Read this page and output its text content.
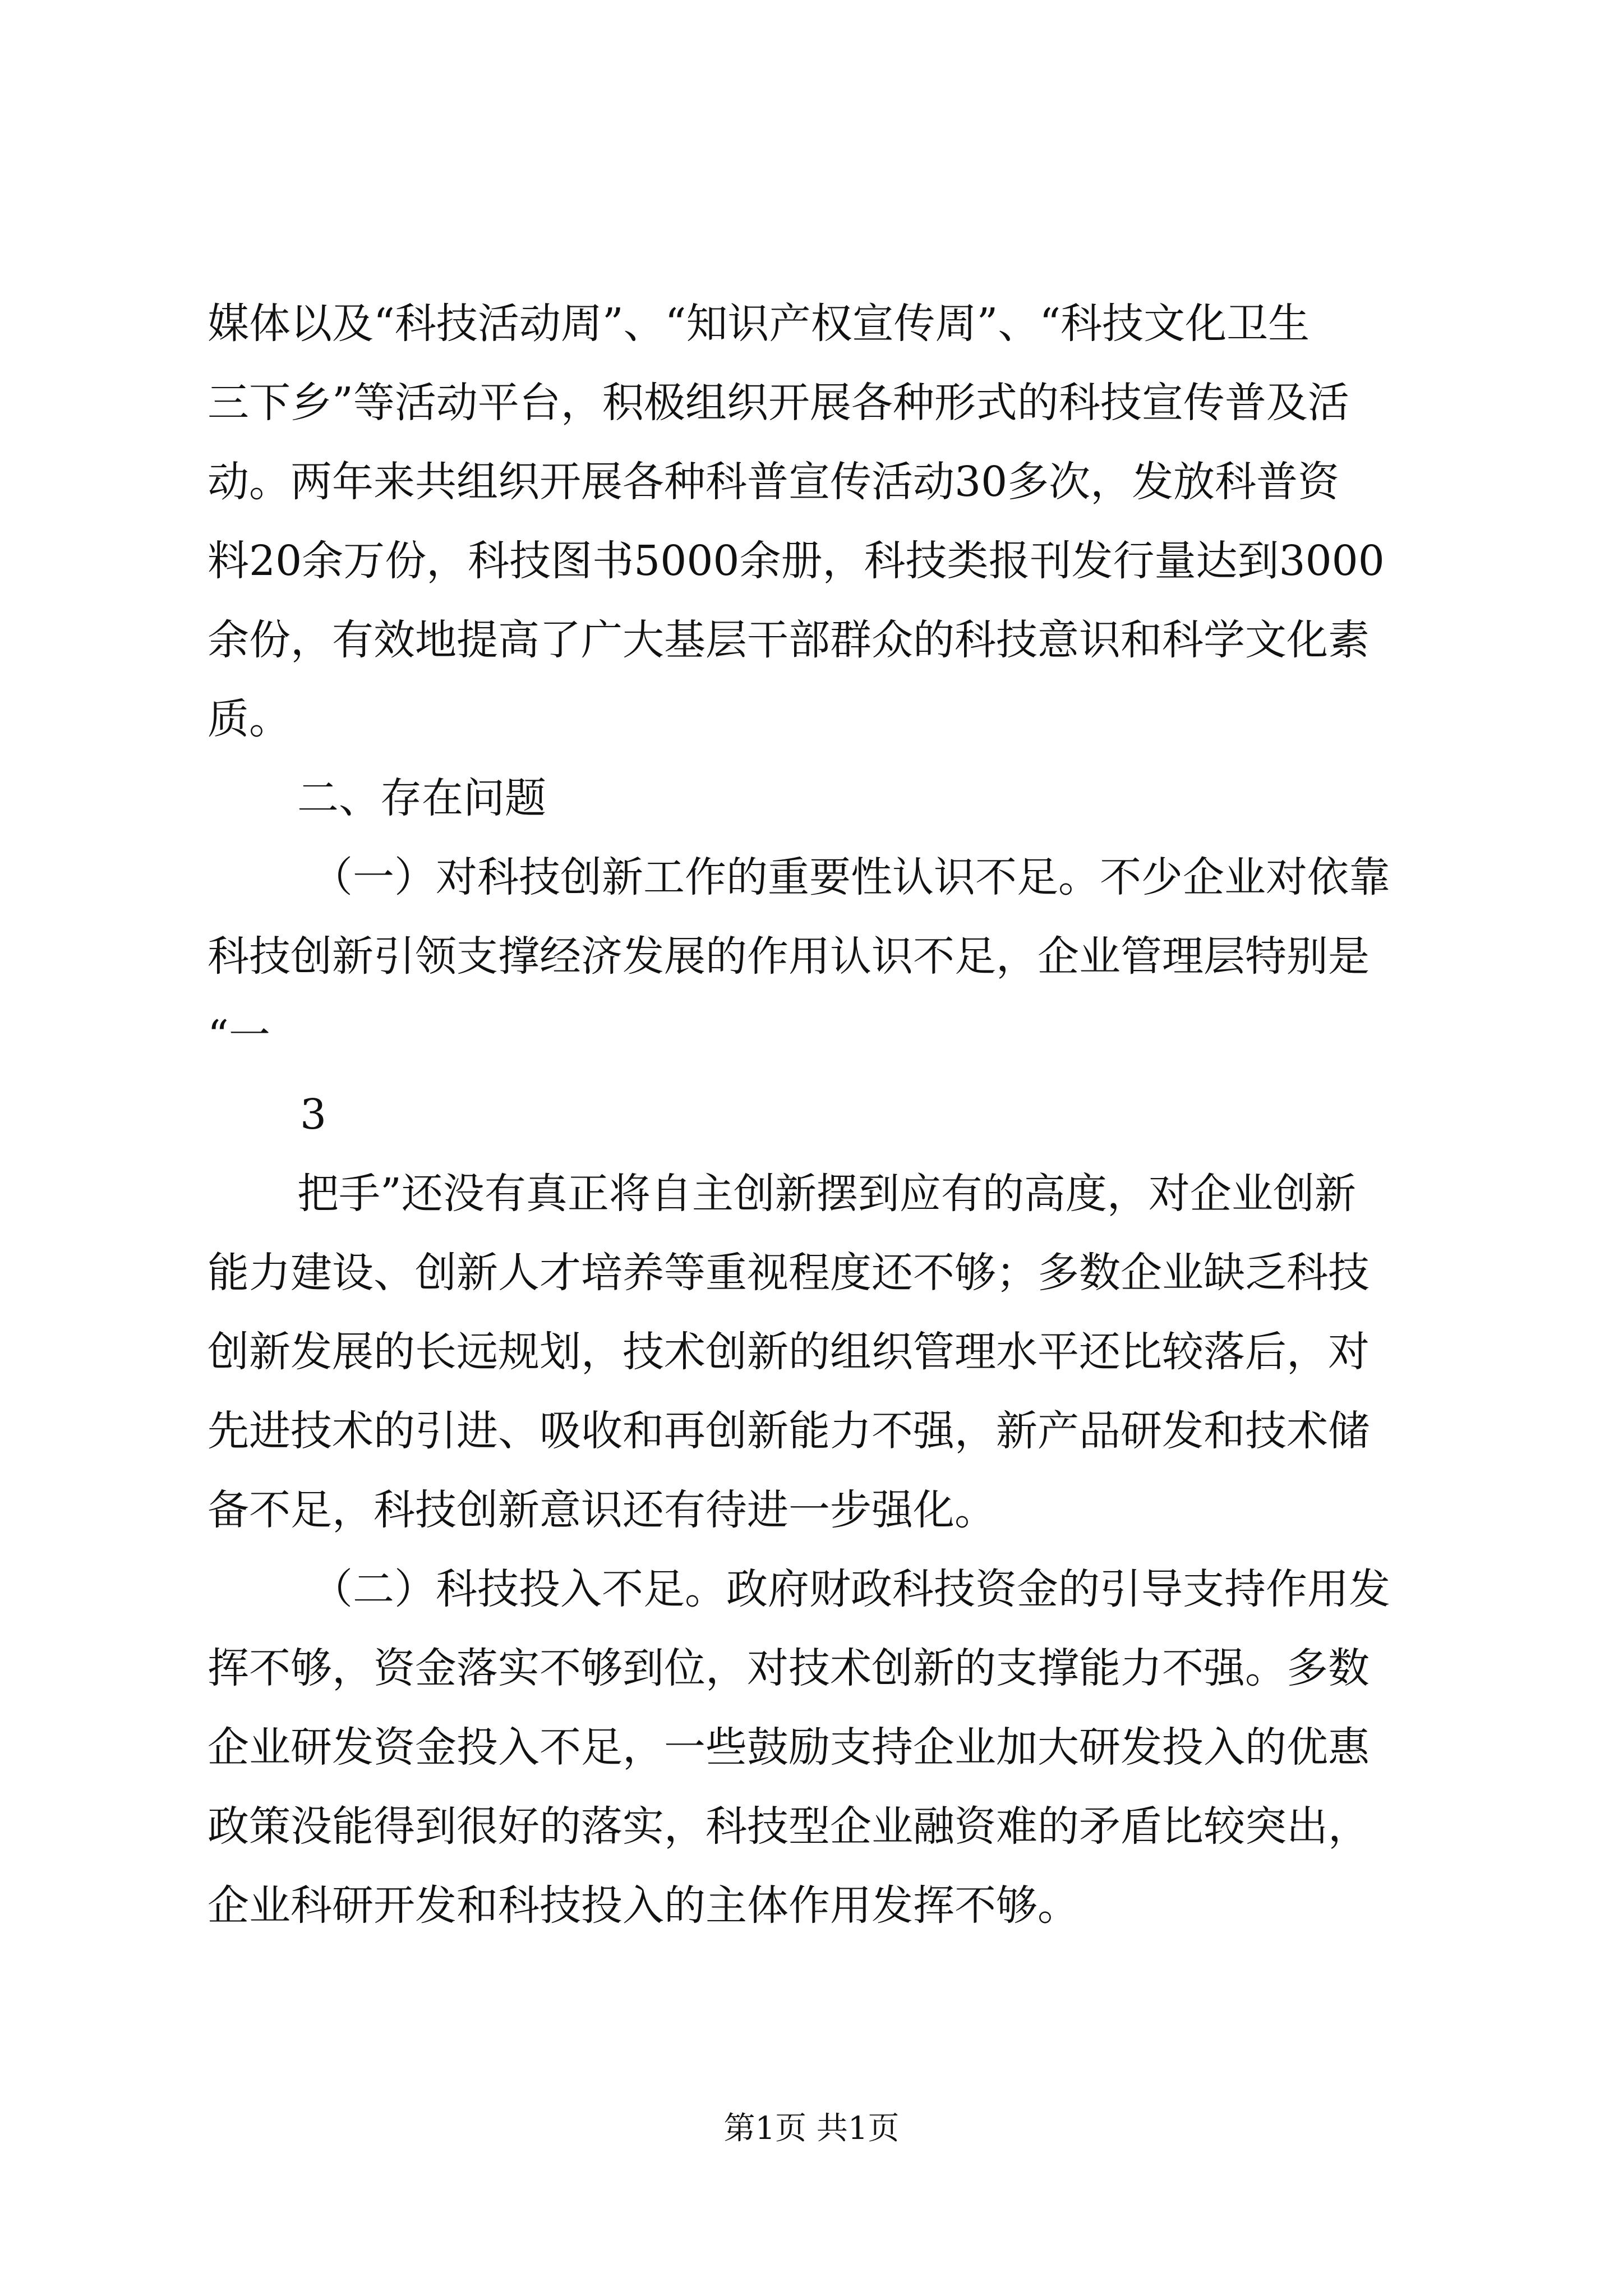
媒体以及“科技活动周”、“知识产权宣传周”、“科技文化卫生
三下乡”等活动平台，积极组织开展各种形式的科技宣传普及活
动。两年来共组织开展各种科普宣传活动30多次，发放科普资
料20余万份，科技图书5000余册，科技类报刊发行量达到3000
余份，有效地提高了广大基层干部群众的科技意识和科学文化素
质。
二、存在问题
（一）对科技创新工作的重要性认识不足。不少企业对依靠
科技创新引领支撑经济发展的作用认识不足，企业管理层特别是
“一
3
把手”还没有真正将自主创新摆到应有的高度，对企业创新
能力建设、创新人才培养等重视程度还不够；多数企业缺乏科技
创新发展的长远规划，技术创新的组织管理水平还比较落后，对
先进技术的引进、吸收和再创新能力不强，新产品研发和技术储
备不足，科技创新意识还有待进一步强化。
（二）科技投入不足。政府财政科技资金的引导支持作用发
挥不够，资金落实不够到位，对技术创新的支撑能力不强。多数
企业研发资金投入不足，一些鼓励支持企业加大研发投入的优惠
政策没能得到很好的落实，科技型企业融资难的矛盾比较突出，
企业科研开发和科技投入的主体作用发挥不够。
第1页 共1页
